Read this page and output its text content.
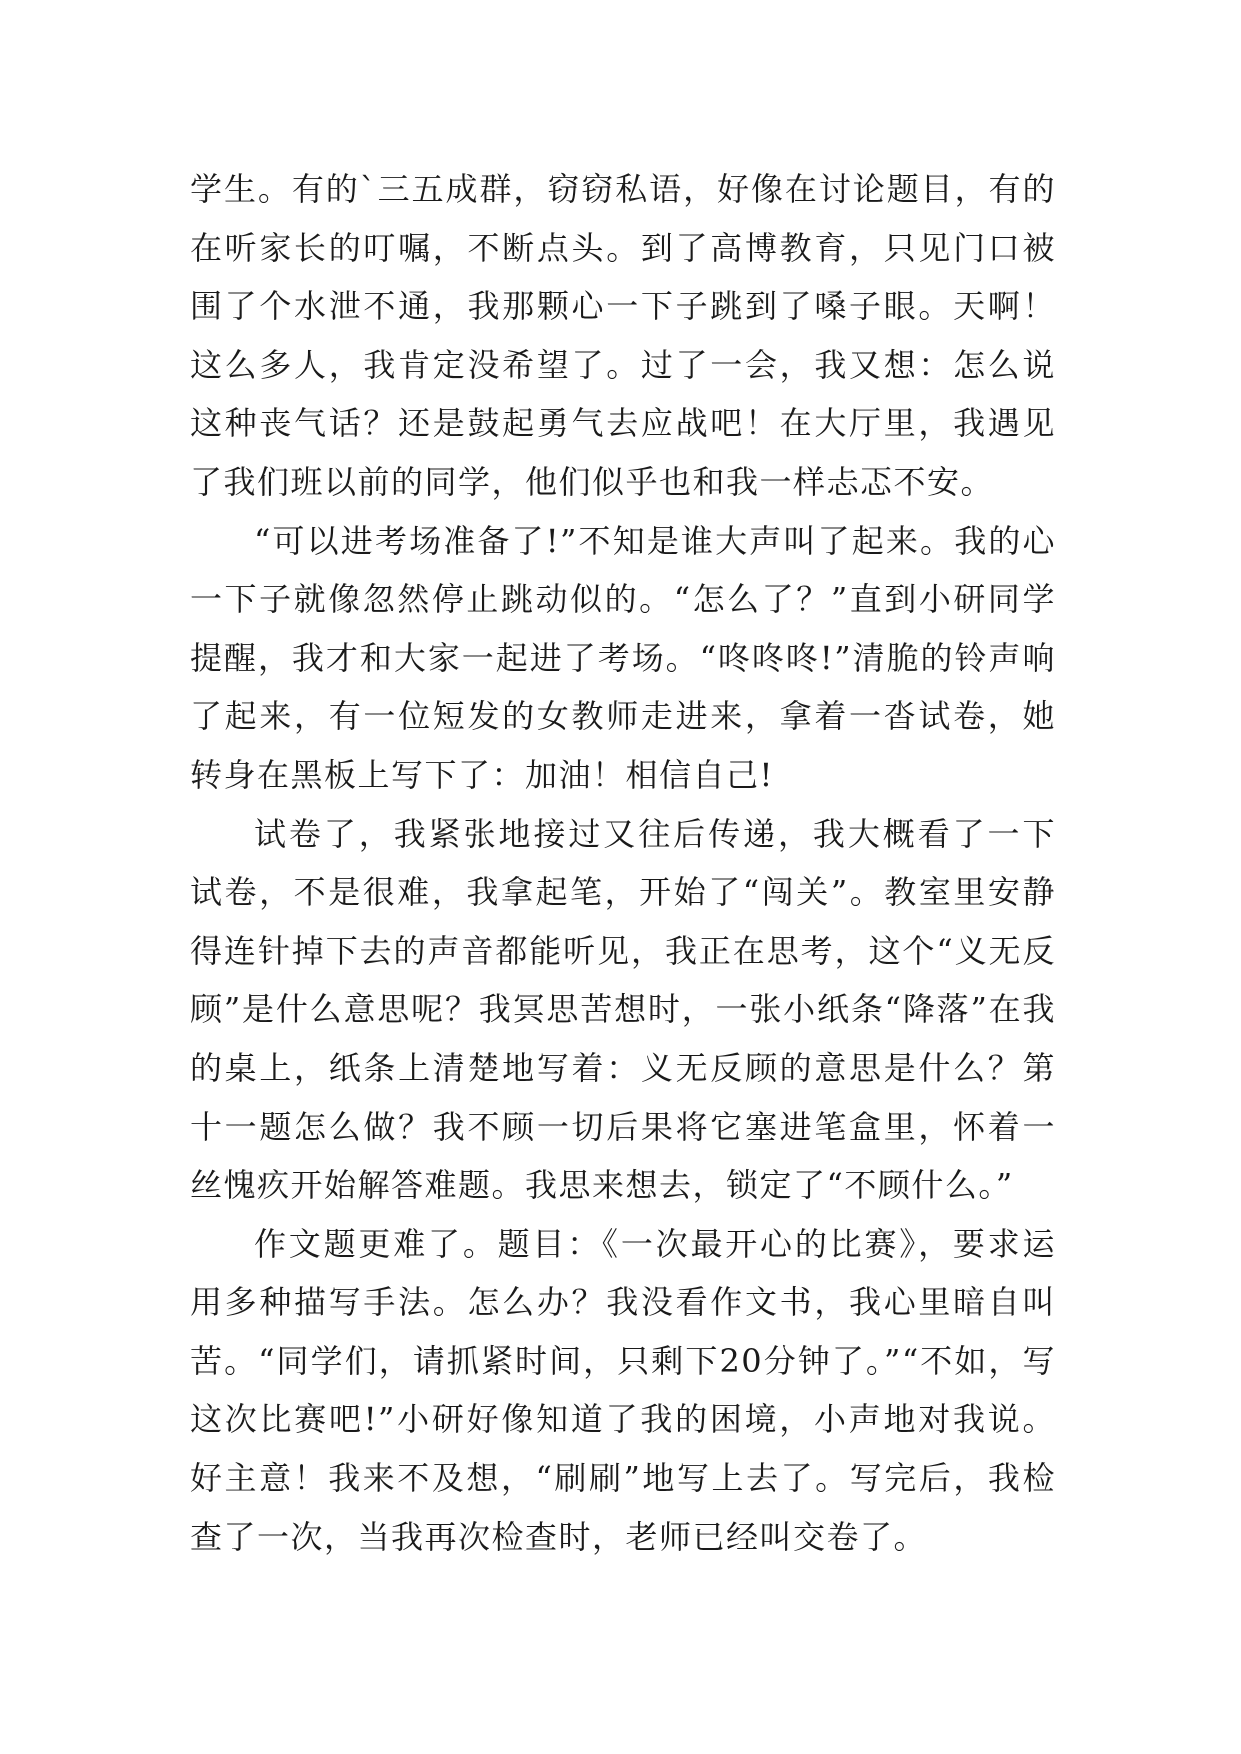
学生。有的`三五成群，窃窃私语，好像在讨论题目，有的在听家长的叮嘱，不断点头。到了高博教育，只见门口被围了个水泄不通，我那颗心一下子跳到了嗓子眼。天啊！这么多人，我肯定没希望了。过了一会，我又想：怎么说这种丧气话？还是鼓起勇气去应战吧！在大厅里，我遇见了我们班以前的同学，他们似乎也和我一样忐忑不安。

“可以进考场准备了!”不知是谁大声叫了起来。我的心一下子就像忽然停止跳动似的。“怎么了？”直到小研同学提醒，我才和大家一起进了考场。“咚咚咚!”清脆的铃声响了起来，有一位短发的女教师走进来，拿着一沓试卷，她转身在黑板上写下了：加油！相信自己!

试卷了，我紧张地接过又往后传递，我大概看了一下试卷，不是很难，我拿起笔，开始了“闯关”。教室里安静得连针掉下去的声音都能听见，我正在思考，这个“义无反顾”是什么意思呢？我冥思苦想时，一张小纸条“降落”在我的桌上，纸条上清楚地写着：义无反顾的意思是什么？第十一题怎么做？我不顾一切后果将它塞进笔盒里，怀着一丝愧疚开始解答难题。我思来想去，锁定了“不顾什么。”

作文题更难了。题目：《一次最开心的比赛》，要求运用多种描写手法。怎么办？我没看作文书，我心里暗自叫苦。“同学们，请抓紧时间，只剩下20分钟了。”“不如，写这次比赛吧!”小研好像知道了我的困境，小声地对我说。好主意！我来不及想，“刷刷”地写上去了。写完后，我检查了一次，当我再次检查时，老师已经叫交卷了。
